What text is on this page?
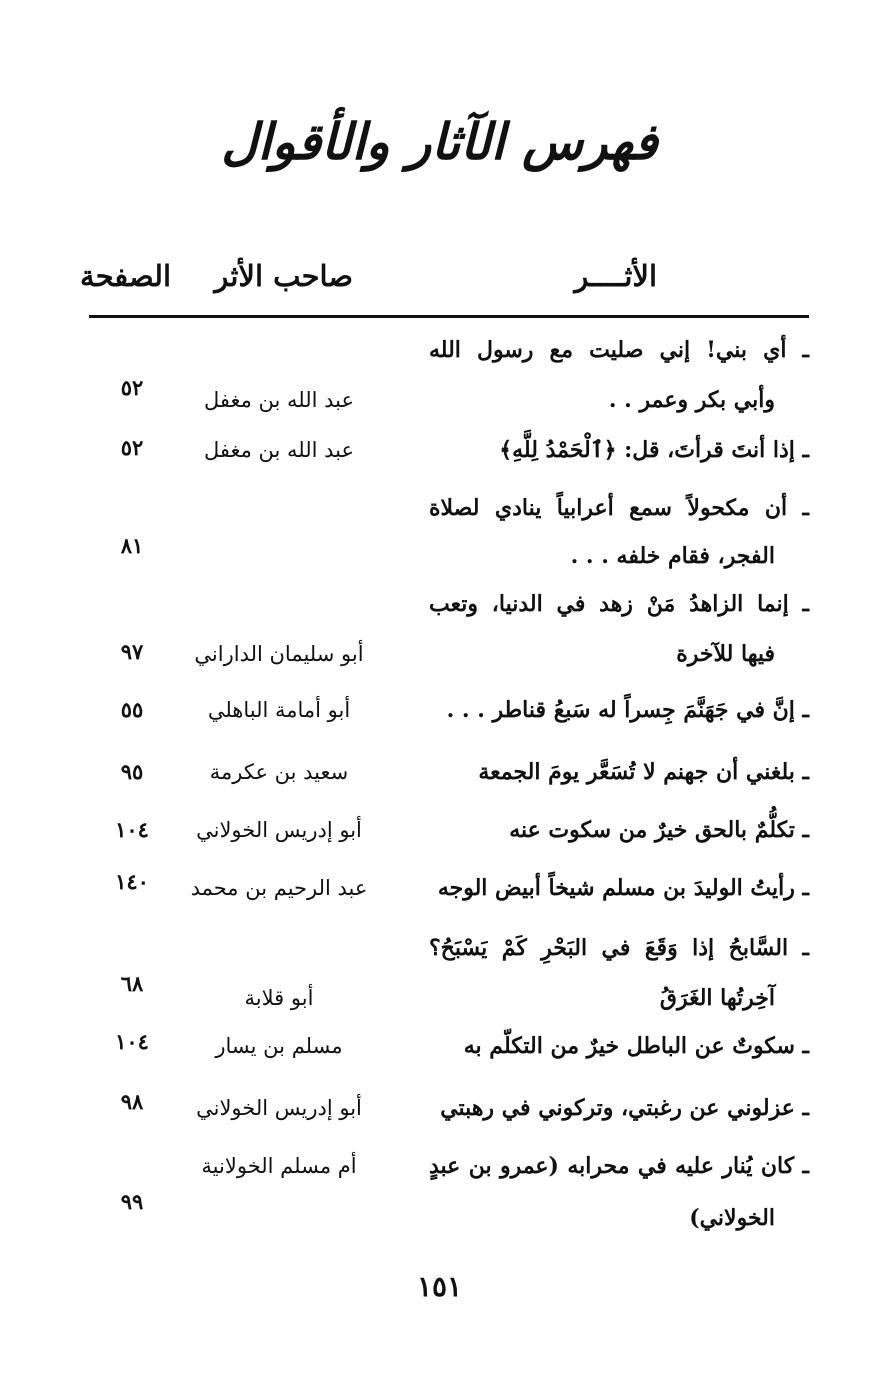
فهرس الآثار والأقوال
الأثــــر
صاحب الأثر
الصفحة
ـ أي بني! إني صليت مع رسول الله
وأبي بكر وعمر . .
عبد الله بن مغفل
٥٢
ـ إذا أنتَ قرأتَ، قل: ﴿ٱلْحَمْدُ لِلَّهِ﴾
عبد الله بن مغفل
٥٢
ـ أن مكحولاً سمع أعرابياً ينادي لصلاة
الفجر، فقام خلفه . . .
٨١
ـ إنما الزاهدُ مَنْ زهد في الدنيا، وتعب
فيها للآخرة
أبو سليمان الداراني
٩٧
ـ إنَّ في جَهَنَّمَ جِسراً له سَبعُ قناطر . . .
أبو أمامة الباهلي
٥٥
ـ بلغني أن جهنم لا تُسَعَّر يومَ الجمعة
سعيد بن عكرمة
٩٥
ـ تكلُّمٌ بالحق خيرٌ من سكوت عنه
أبو إدريس الخولاني
١٠٤
ـ رأيتُ الوليدَ بن مسلم شيخاً أبيض الوجه
عبد الرحيم بن محمد
١٤٠
ـ السَّابحُ إذا وَقَعَ في البَحْرِ كَمْ يَسْبَحُ؟
آخِرتُها الغَرَقُ
أبو قلابة
٦٨
ـ سكوتٌ عن الباطل خيرٌ من التكلّم به
مسلم بن يسار
١٠٤
ـ عزلوني عن رغبتي، وتركوني في رهبتي
أبو إدريس الخولاني
٩٨
ـ كان يُنار عليه في محرابه (عمرو بن عبدٍ
الخولاني)
أم مسلم الخولانية
٩٩
١٥١
